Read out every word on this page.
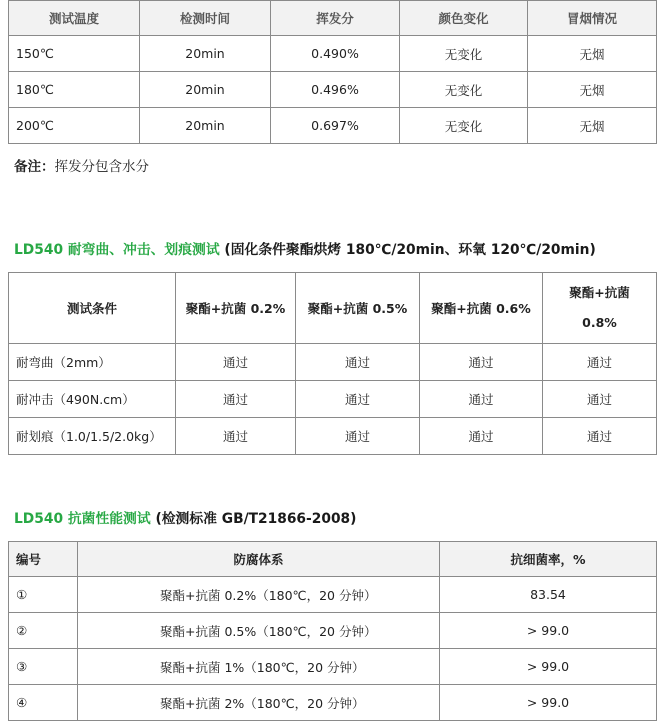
测试温度	检测时间	挥发分	颜色变化	冒烟情况
150℃	20min	0.490%	无变化	无烟
180℃	20min	0.496%	无变化	无烟
200℃	20min	0.697%	无变化	无烟
备注：挥发分包含水分
LD540 耐弯曲、冲击、划痕测试 (固化条件聚酯烘烤 180℃/20min、环氧 120℃/20min)
测试条件	聚酯+抗菌 0.2%	聚酯+抗菌 0.5%	聚酯+抗菌 0.6%	聚酯+抗菌
0.8%
耐弯曲（2mm）	通过	通过	通过	通过
耐冲击（490N.cm）	通过	通过	通过	通过
耐划痕（1.0/1.5/2.0kg）	通过	通过	通过	通过
LD540 抗菌性能测试 (检测标准 GB/T21866-2008)
编号	防腐体系	抗细菌率，%
①	聚酯+抗菌 0.2%（180℃，20 分钟）	83.54
②	聚酯+抗菌 0.5%（180℃，20 分钟）	> 99.0
③	聚酯+抗菌 1%（180℃，20 分钟）	> 99.0
④	聚酯+抗菌 2%（180℃，20 分钟）	> 99.0
